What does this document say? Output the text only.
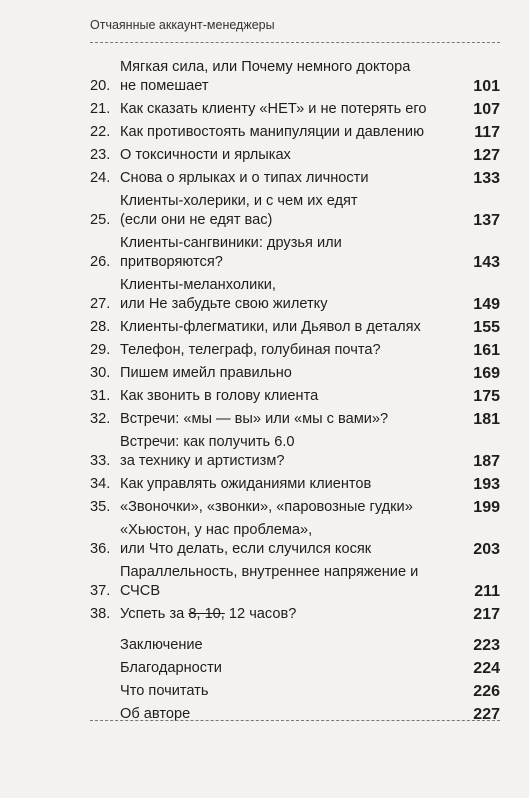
Отчаянные аккаунт-менеджеры
20.
Мягкая сила, или Почему немного доктора
не помешает	101
21. Как сказать клиенту «НЕТ» и не потерять его	107
22. Как противостоять манипуляции и давлению	117
23. О токсичности и ярлыках	127
24. Снова о ярлыках и о типах личности	133
25.
Клиенты-холерики, и с чем их едят
(если они не едят вас)	137
26.
Клиенты-сангвиники: друзья или притворяются?	143
27.
Клиенты-меланхолики,
или Не забудьте свою жилетку	149
28. Клиенты-флегматики, или Дьявол в деталях	155
29. Телефон, телеграф, голубиная почта?	161
30. Пишем имейл правильно	169
31. Как звонить в голову клиента	175
32. Встречи: «мы — вы» или «мы с вами»?	181
33.
Встречи: как получить 6.0
за технику и артистизм?	187
34. Как управлять ожиданиями клиентов	193
35. «Звоночки», «звонки», «паровозные гудки»	199
36.
«Хьюстон, у нас проблема»,
или Что делать, если случился косяк	203
37.
Параллельность, внутреннее напряжение и СЧСВ	211
38. Успеть за 8, 10, 12 часов?	217
Заключение	223
Благодарности	224
Что почитать	226
Об авторе	227
